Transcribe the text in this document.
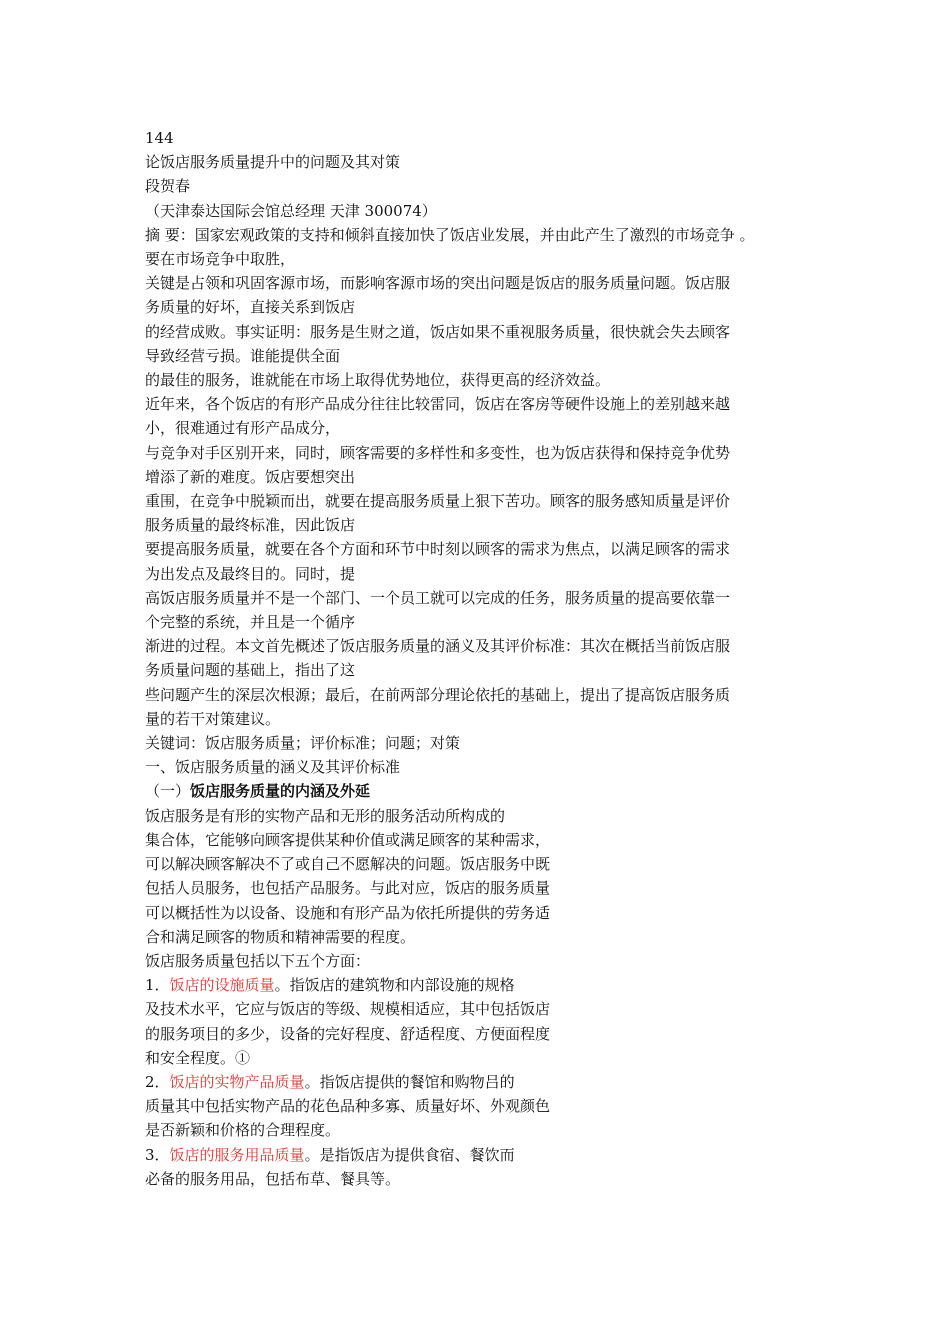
144
论饭店服务质量提升中的问题及其对策
段贺春
（天津泰达国际会馆总经理 天津 300074）
摘 要：国家宏观政策的支持和倾斜直接加快了饭店业发展，并由此产生了激烈的市场竞争 。
要在市场竞争中取胜，
关键是占领和巩固客源市场，而影响客源市场的突出问题是饭店的服务质量问题。饭店服
务质量的好坏，直接关系到饭店
的经营成败。事实证明：服务是生财之道，饭店如果不重视服务质量，很快就会失去顾客
导致经营亏损。谁能提供全面
的最佳的服务，谁就能在市场上取得优势地位，获得更高的经济效益。
近年来，各个饭店的有形产品成分往往比较雷同，饭店在客房等硬件设施上的差别越来越
小，很难通过有形产品成分，
与竞争对手区别开来，同时，顾客需要的多样性和多变性，也为饭店获得和保持竞争优势
增添了新的难度。饭店要想突出
重围，在竞争中脱颖而出，就要在提高服务质量上狠下苦功。顾客的服务感知质量是评价
服务质量的最终标准，因此饭店
要提高服务质量，就要在各个方面和环节中时刻以顾客的需求为焦点，以满足顾客的需求
为出发点及最终目的。同时，提
高饭店服务质量并不是一个部门、一个员工就可以完成的任务，服务质量的提高要依靠一
个完整的系统，并且是一个循序
渐进的过程。本文首先概述了饭店服务质量的涵义及其评价标准：其次在概括当前饭店服
务质量问题的基础上，指出了这
些问题产生的深层次根源；最后，在前两部分理论依托的基础上，提出了提高饭店服务质
量的若干对策建议。
关键词：饭店服务质量；评价标准；问题；对策
一、饭店服务质量的涵义及其评价标准
（一）饭店服务质量的内涵及外延
饭店服务是有形的实物产品和无形的服务活动所构成的
集合体，它能够向顾客提供某种价值或满足顾客的某种需求，
可以解决顾客解决不了或自己不愿解决的问题。饭店服务中既
包括人员服务，也包括产品服务。与此对应，饭店的服务质量
可以概括性为以设备、设施和有形产品为依托所提供的劳务适
合和满足顾客的物质和精神需要的程度。
饭店服务质量包括以下五个方面：
1．饭店的设施质量。指饭店的建筑物和内部设施的规格
及技术水平，它应与饭店的等级、规模相适应，其中包括饭店
的服务项目的多少，设备的完好程度、舒适程度、方便面程度
和安全程度。①
2．饭店的实物产品质量。指饭店提供的餐馆和购物吕的
质量其中包括实物产品的花色品种多寡、质量好坏、外观颜色
是否新颖和价格的合理程度。
3．饭店的服务用品质量。是指饭店为提供食宿、餐饮而
必备的服务用品，包括布草、餐具等。
